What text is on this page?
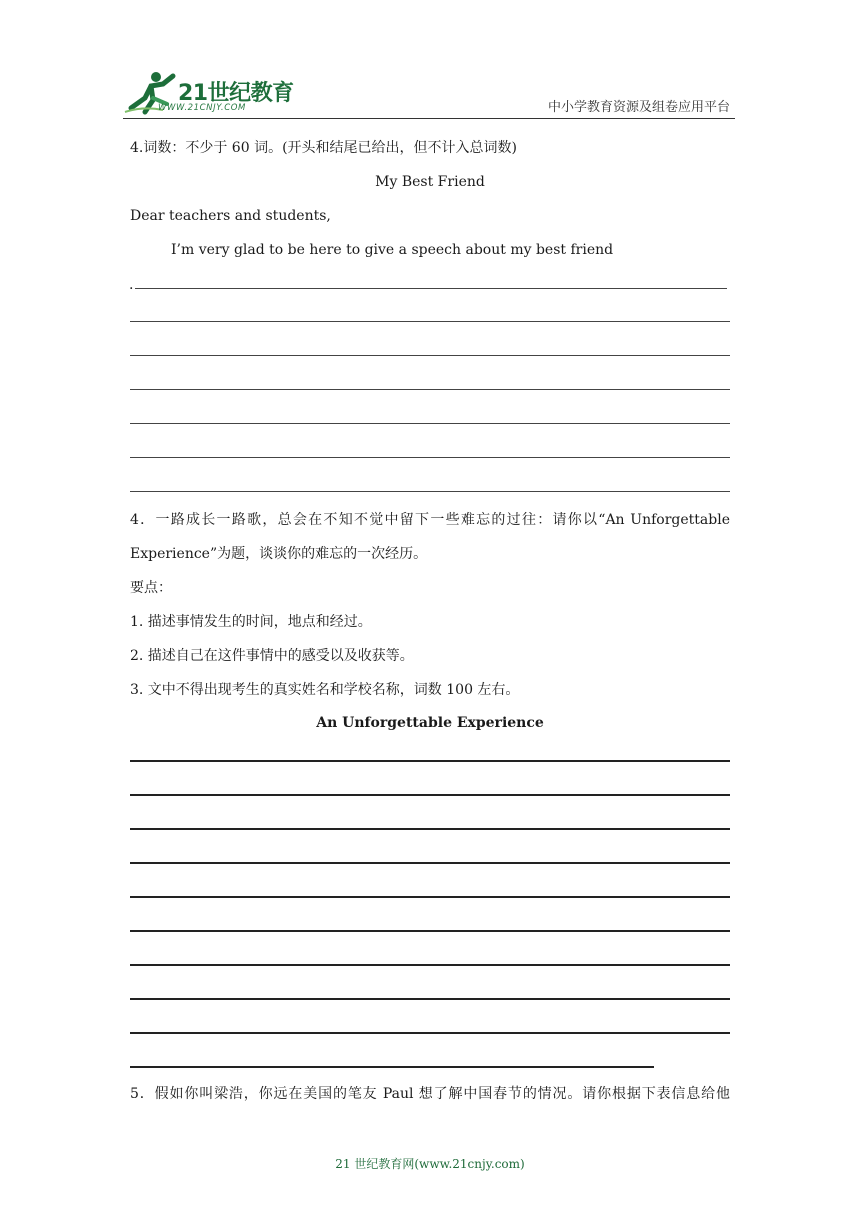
21世纪教育
WWW.21CNJY.COM	中小学教育资源及组卷应用平台
4.词数：不少于 60 词。(开头和结尾已给出，但不计入总词数)
My Best Friend
Dear teachers and students,
I’m very glad to be here to give a speech about my best friend
.
4．一路成长一路歌，总会在不知不觉中留下一些难忘的过往：请你以“An Unforgettable
Experience”为题，谈谈你的难忘的一次经历。
要点：
1. 描述事情发生的时间，地点和经过。
2. 描述自己在这件事情中的感受以及收获等。
3. 文中不得出现考生的真实姓名和学校名称，词数 100 左右。
An Unforgettable Experience
5．假如你叫梁浩，你远在美国的笔友 Paul 想了解中国春节的情况。请你根据下表信息给他
21 世纪教育网(www.21cnjy.com)
